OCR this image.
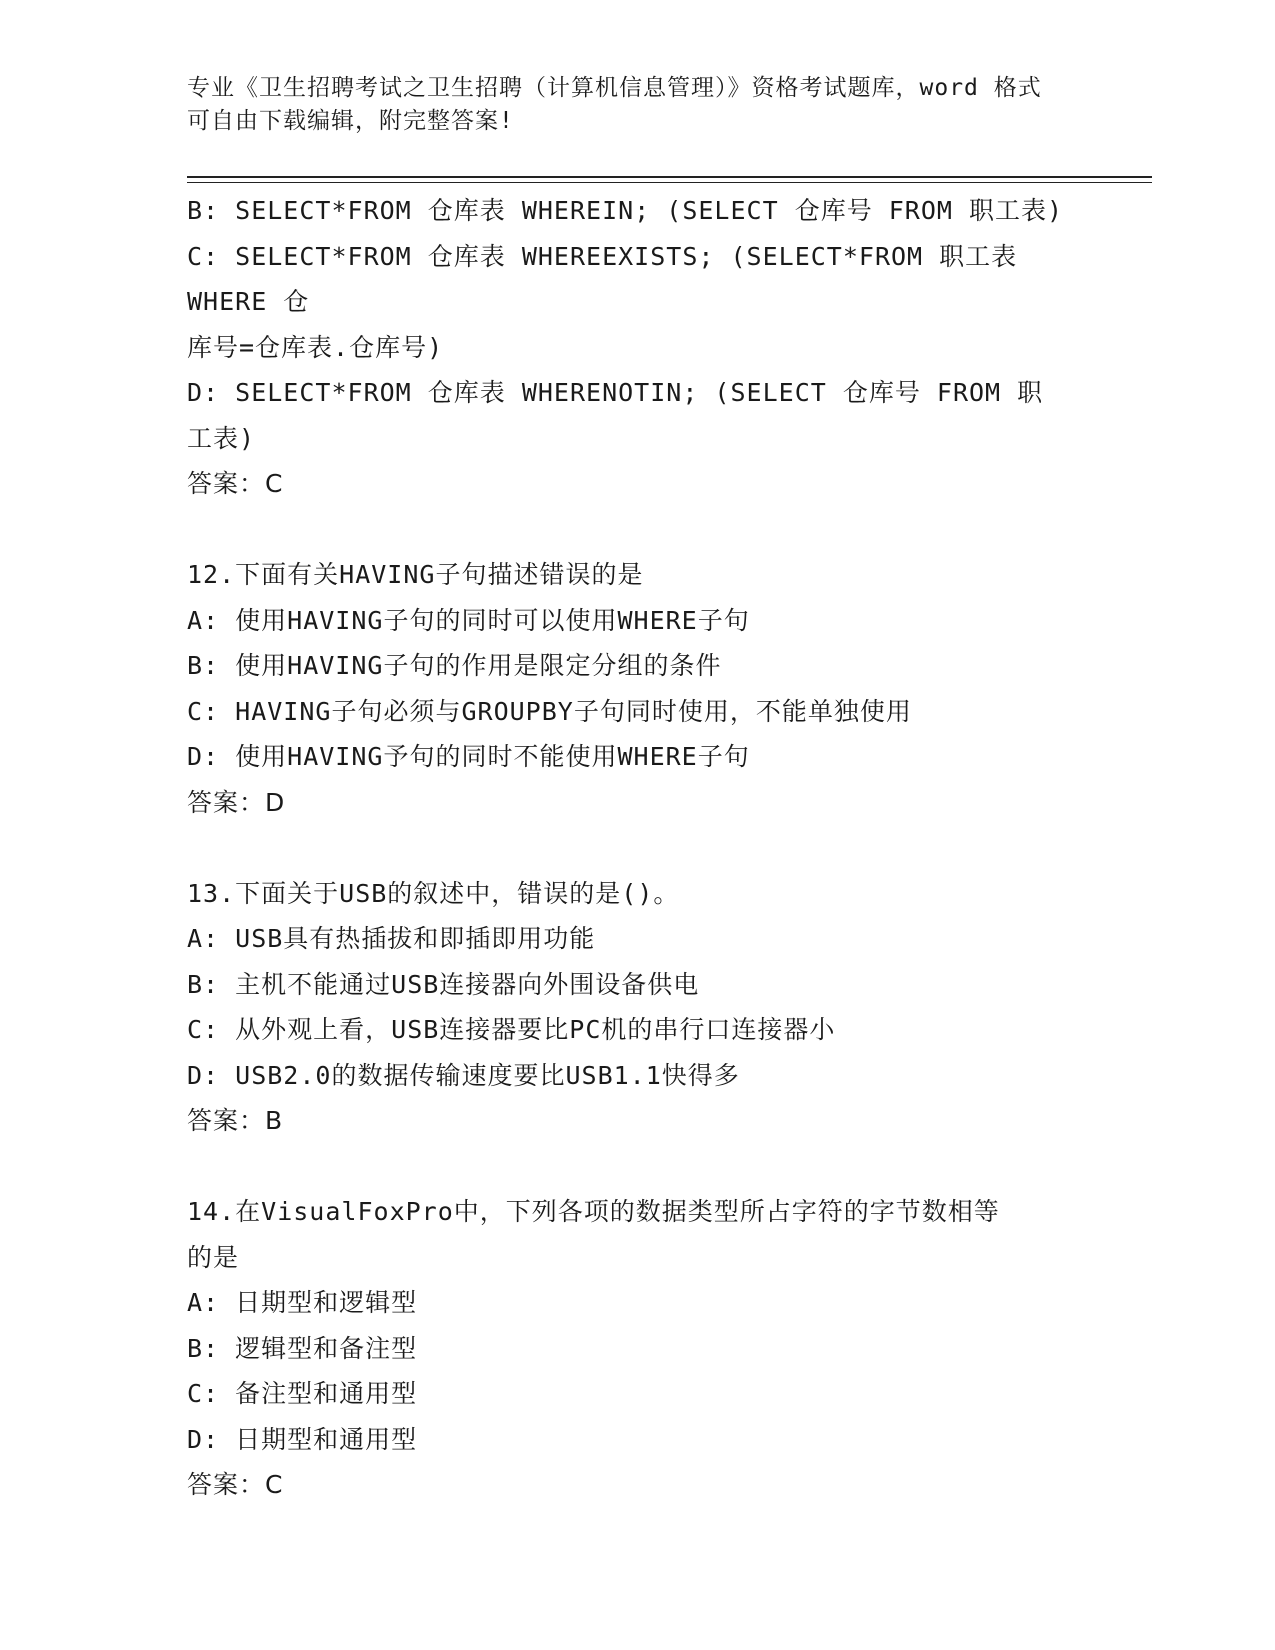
专业《卫生招聘考试之卫生招聘（计算机信息管理）》资格考试题库，word 格式
可自由下载编辑，附完整答案!
B: SELECT*FROM 仓库表 WHEREIN; (SELECT 仓库号 FROM 职工表)
C: SELECT*FROM 仓库表 WHEREEXISTS; (SELECT*FROM 职工表 WHERE 仓
库号=仓库表.仓库号)
D: SELECT*FROM 仓库表 WHERENOTIN; (SELECT 仓库号 FROM 职工表)
答案：C
12.下面有关HAVING子句描述错误的是
A: 使用HAVING子句的同时可以使用WHERE子句
B: 使用HAVING子句的作用是限定分组的条件
C: HAVING子句必须与GROUPBY子句同时使用，不能单独使用
D: 使用HAVING予句的同时不能使用WHERE子句
答案：D
13.下面关于USB的叙述中，错误的是()。
A: USB具有热插拔和即插即用功能
B: 主机不能通过USB连接器向外围设备供电
C: 从外观上看，USB连接器要比PC机的串行口连接器小
D: USB2.0的数据传输速度要比USB1.1快得多
答案：B
14.在VisualFoxPro中，下列各项的数据类型所占字符的字节数相等
的是
A: 日期型和逻辑型
B: 逻辑型和备注型
C: 备注型和通用型
D: 日期型和通用型
答案：C
